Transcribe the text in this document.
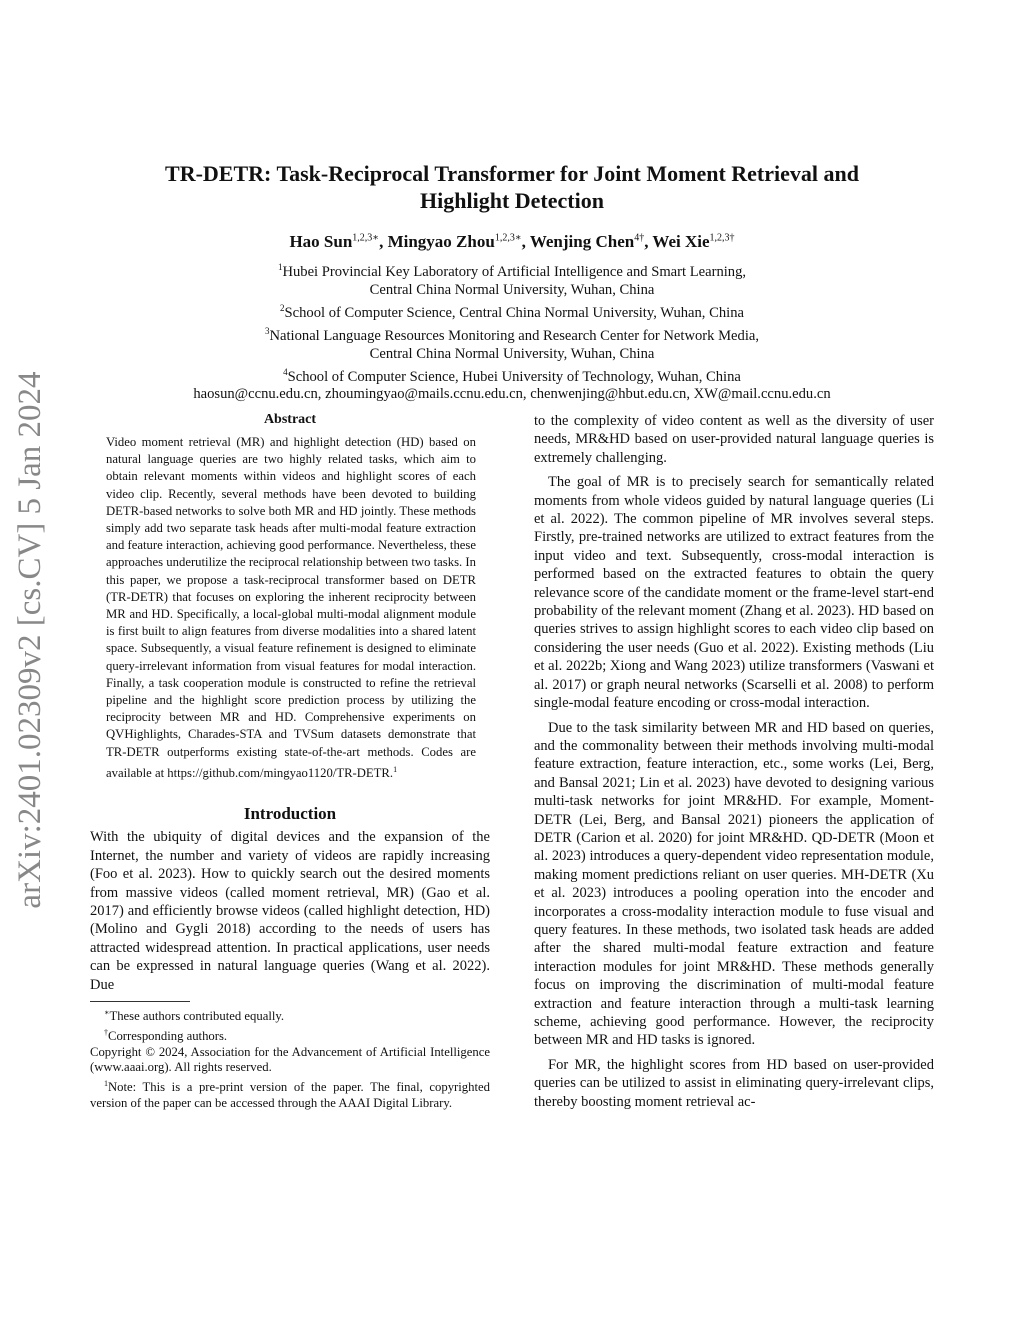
arXiv:2401.02309v2 [cs.CV] 5 Jan 2024
TR-DETR: Task-Reciprocal Transformer for Joint Moment Retrieval and
Highlight Detection
Hao Sun$^{1,2,3∗}$, Mingyao Zhou$^{1,2,3∗}$, Wenjing Chen$^{4\dagger}$, Wei Xie$^{1,2,3\dagger}$
$^1$Hubei Provincial Key Laboratory of Artificial Intelligence and Smart Learning,
Central China Normal University, Wuhan, China
$^2$School of Computer Science, Central China Normal University, Wuhan, China
$^3$National Language Resources Monitoring and Research Center for Network Media,
Central China Normal University, Wuhan, China
$^4$School of Computer Science, Hubei University of Technology, Wuhan, China
haosun@ccnu.edu.cn, zhoumingyao@mails.ccnu.edu.cn, chenwenjing@hbut.edu.cn, XW@mail.ccnu.edu.cn
Abstract

Video moment retrieval (MR) and highlight detection (HD) based on natural language queries are two highly related tasks, which aim to obtain relevant moments within videos and highlight scores of each video clip. Recently, several methods have been devoted to building DETR-based networks to solve both MR and HD jointly. These methods simply add two separate task heads after multi-modal feature extraction and feature interaction, achieving good performance. Nevertheless, these approaches underutilize the reciprocal relationship between two tasks. In this paper, we propose a task-reciprocal transformer based on DETR (TR-DETR) that focuses on exploring the inherent reciprocity between MR and HD. Specifically, a local-global multi-modal alignment module is first built to align features from diverse modalities into a shared latent space. Subsequently, a visual feature refinement is designed to eliminate query-irrelevant information from visual features for modal interaction. Finally, a task cooperation module is constructed to refine the retrieval pipeline and the highlight score prediction process by utilizing the reciprocity between MR and HD. Comprehensive experiments on QVHighlights, Charades-STA and TVSum datasets demonstrate that TR-DETR outperforms existing state-of-the-art methods. Codes are available at https://github.com/mingyao1120/TR-DETR.$^1$

Introduction

With the ubiquity of digital devices and the expansion of the Internet, the number and variety of videos are rapidly increasing (Foo et al. 2023). How to quickly search out the desired moments from massive videos (called moment retrieval, MR) (Gao et al. 2017) and efficiently browse videos (called highlight detection, HD) (Molino and Gygli 2018) according to the needs of users has attracted widespread attention. In practical applications, user needs can be expressed in natural language queries (Wang et al. 2022). Due

∗These authors contributed equally.

†Corresponding authors.

Copyright © 2024, Association for the Advancement of Artificial Intelligence (www.aaai.org). All rights reserved.

$^1$Note: This is a pre-print version of the paper. The final, copyrighted version of the paper can be accessed through the AAAI Digital Library.

to the complexity of video content as well as the diversity of user needs, MR&HD based on user-provided natural language queries is extremely challenging.

The goal of MR is to precisely search for semantically related moments from whole videos guided by natural language queries (Li et al. 2022). The common pipeline of MR involves several steps. Firstly, pre-trained networks are utilized to extract features from the input video and text. Subsequently, cross-modal interaction is performed based on the extracted features to obtain the query relevance score of the candidate moment or the frame-level start-end probability of the relevant moment (Zhang et al. 2023). HD based on queries strives to assign highlight scores to each video clip based on considering the user needs (Guo et al. 2022). Existing methods (Liu et al. 2022b; Xiong and Wang 2023) utilize transformers (Vaswani et al. 2017) or graph neural networks (Scarselli et al. 2008) to perform single-modal feature encoding or cross-modal interaction.

Due to the task similarity between MR and HD based on queries, and the commonality between their methods involving multi-modal feature extraction, feature interaction, etc., some works (Lei, Berg, and Bansal 2021; Lin et al. 2023) have devoted to designing various multi-task networks for joint MR&HD. For example, Moment-DETR (Lei, Berg, and Bansal 2021) pioneers the application of DETR (Carion et al. 2020) for joint MR&HD. QD-DETR (Moon et al. 2023) introduces a query-dependent video representation module, making moment predictions reliant on user queries. MH-DETR (Xu et al. 2023) introduces a pooling operation into the encoder and incorporates a cross-modality interaction module to fuse visual and query features. In these methods, two isolated task heads are added after the shared multi-modal feature extraction and feature interaction modules for joint MR&HD. These methods generally focus on improving the discrimination of multi-modal feature extraction and feature interaction through a multi-task learning scheme, achieving good performance. However, the reciprocity between MR and HD tasks is ignored.

For MR, the highlight scores from HD based on user-provided queries can be utilized to assist in eliminating query-irrelevant clips, thereby boosting moment retrieval ac-
